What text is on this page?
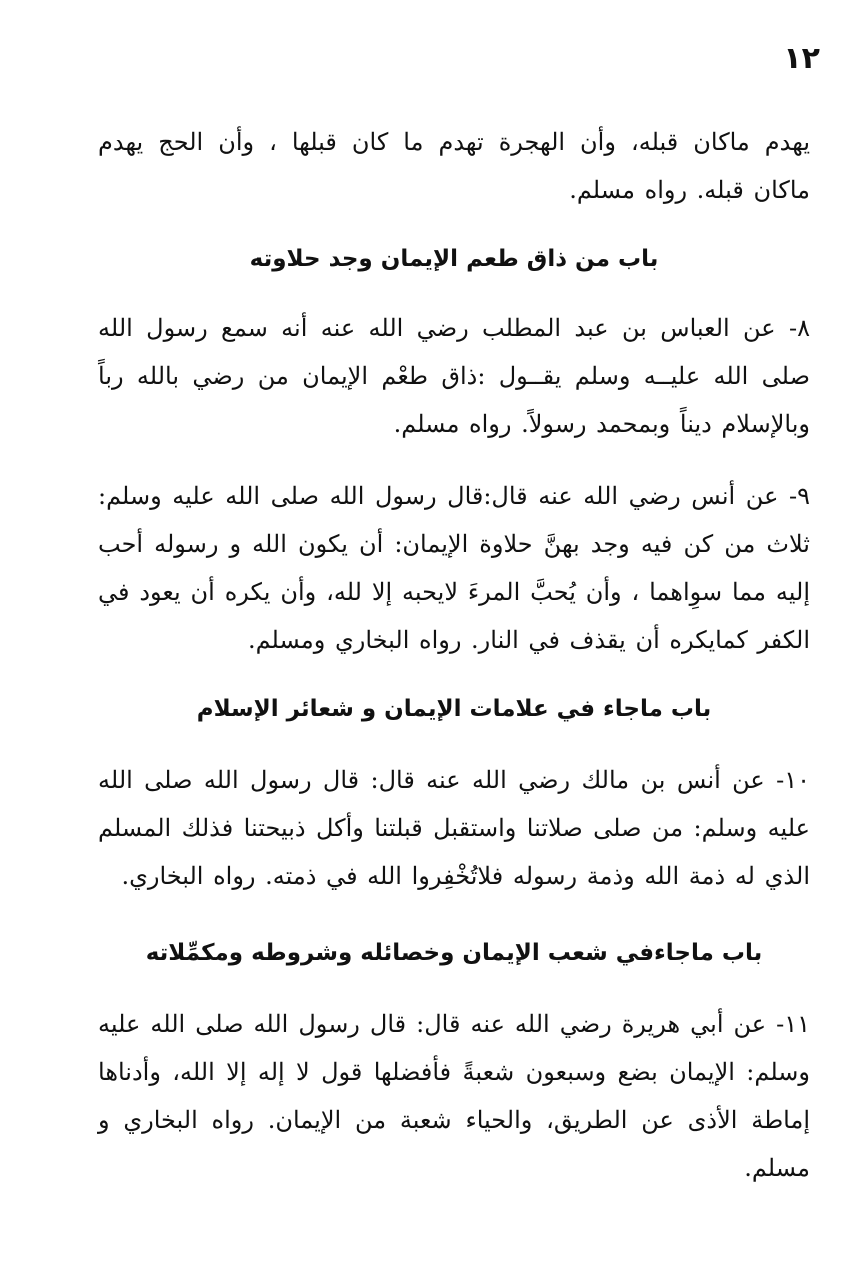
١٢

يهدم ماكان قبله، وأن الهجرة تهدم ما كان قبلها ، وأن الحج يهدم ماكان قبله. رواه مسلم.

باب من ذاق طعم الإيمان وجد حلاوته

٨- عن العباس بن عبد المطلب رضي الله عنه أنه سمع رسول الله صلى الله عليــه وسلم يقــول :ذاق طعْم الإيمان من رضي بالله رباً وبالإسلام ديناً وبمحمد رسولاً. رواه مسلم.

٩- عن أنس رضي الله عنه قال:قال رسول الله صلى الله عليه وسلم: ثلاث من كن فيه وجد بهنَّ حلاوة الإيمان: أن يكون الله و رسوله أحب إليه مما سوِاهما ، وأن يُحبَّ المرءَ لايحبه إلا لله، وأن يكره أن يعود في الكفر كمايكره أن يقذف في النار. رواه البخاري ومسلم.

باب ماجاء في علامات الإيمان و شعائر الإسلام

١٠- عن أنس بن مالك رضي الله عنه قال: قال رسول الله صلى الله عليه وسلم: من صلى صلاتنا واستقبل قبلتنا وأكل ذبيحتنا فذلك المسلم الذي له ذمة الله وذمة رسوله فلاتُخْفِروا الله في ذمته. رواه البخاري.

باب ماجاءفي شعب الإيمان وخصائله وشروطه ومكمِّلاته

١١- عن أبي هريرة رضي الله عنه قال: قال رسول الله صلى الله عليه وسلم: الإيمان بضع وسبعون شعبةً فأفضلها قول لا إله إلا الله، وأدناها إماطة الأذى عن الطريق، والحياء شعبة من الإيمان. رواه البخاري و مسلم.
